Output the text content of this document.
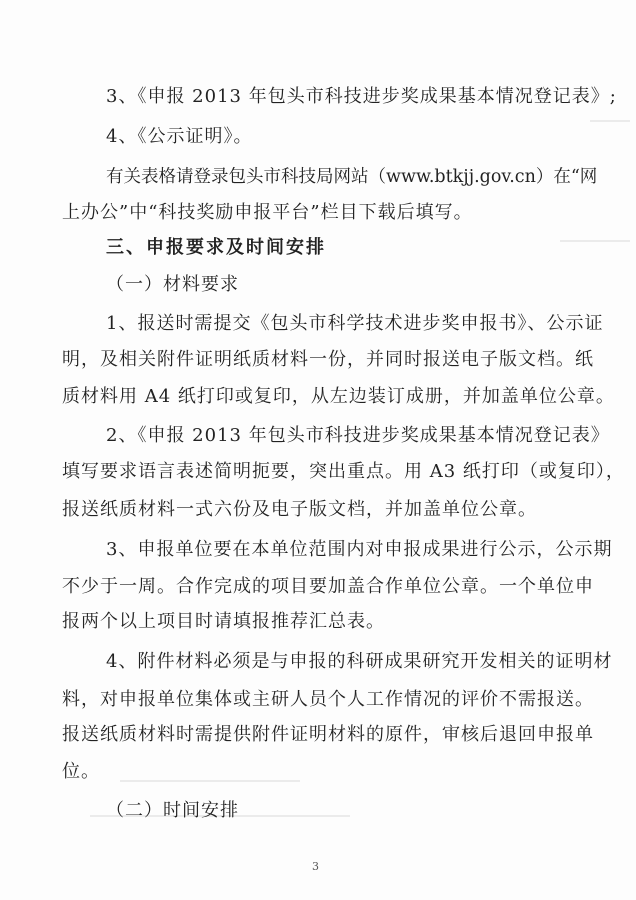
3、《申报 2013 年包头市科技进步奖成果基本情况登记表》;
4、《公示证明》。
有关表格请登录包头市科技局网站（www.btkjj.gov.cn）在“网
上办公”中“科技奖励申报平台”栏目下载后填写。
三、申报要求及时间安排
（一）材料要求
1、报送时需提交《包头市科学技术进步奖申报书》、公示证
明，及相关附件证明纸质材料一份，并同时报送电子版文档。纸
质材料用 A4 纸打印或复印，从左边装订成册，并加盖单位公章。
2、《申报 2013 年包头市科技进步奖成果基本情况登记表》
填写要求语言表述简明扼要，突出重点。用 A3 纸打印（或复印），
报送纸质材料一式六份及电子版文档，并加盖单位公章。
3、申报单位要在本单位范围内对申报成果进行公示，公示期
不少于一周。合作完成的项目要加盖合作单位公章。一个单位申
报两个以上项目时请填报推荐汇总表。
4、附件材料必须是与申报的科研成果研究开发相关的证明材
料，对申报单位集体或主研人员个人工作情况的评价不需报送。
报送纸质材料时需提供附件证明材料的原件，审核后退回申报单
位。
（二）时间安排
3
